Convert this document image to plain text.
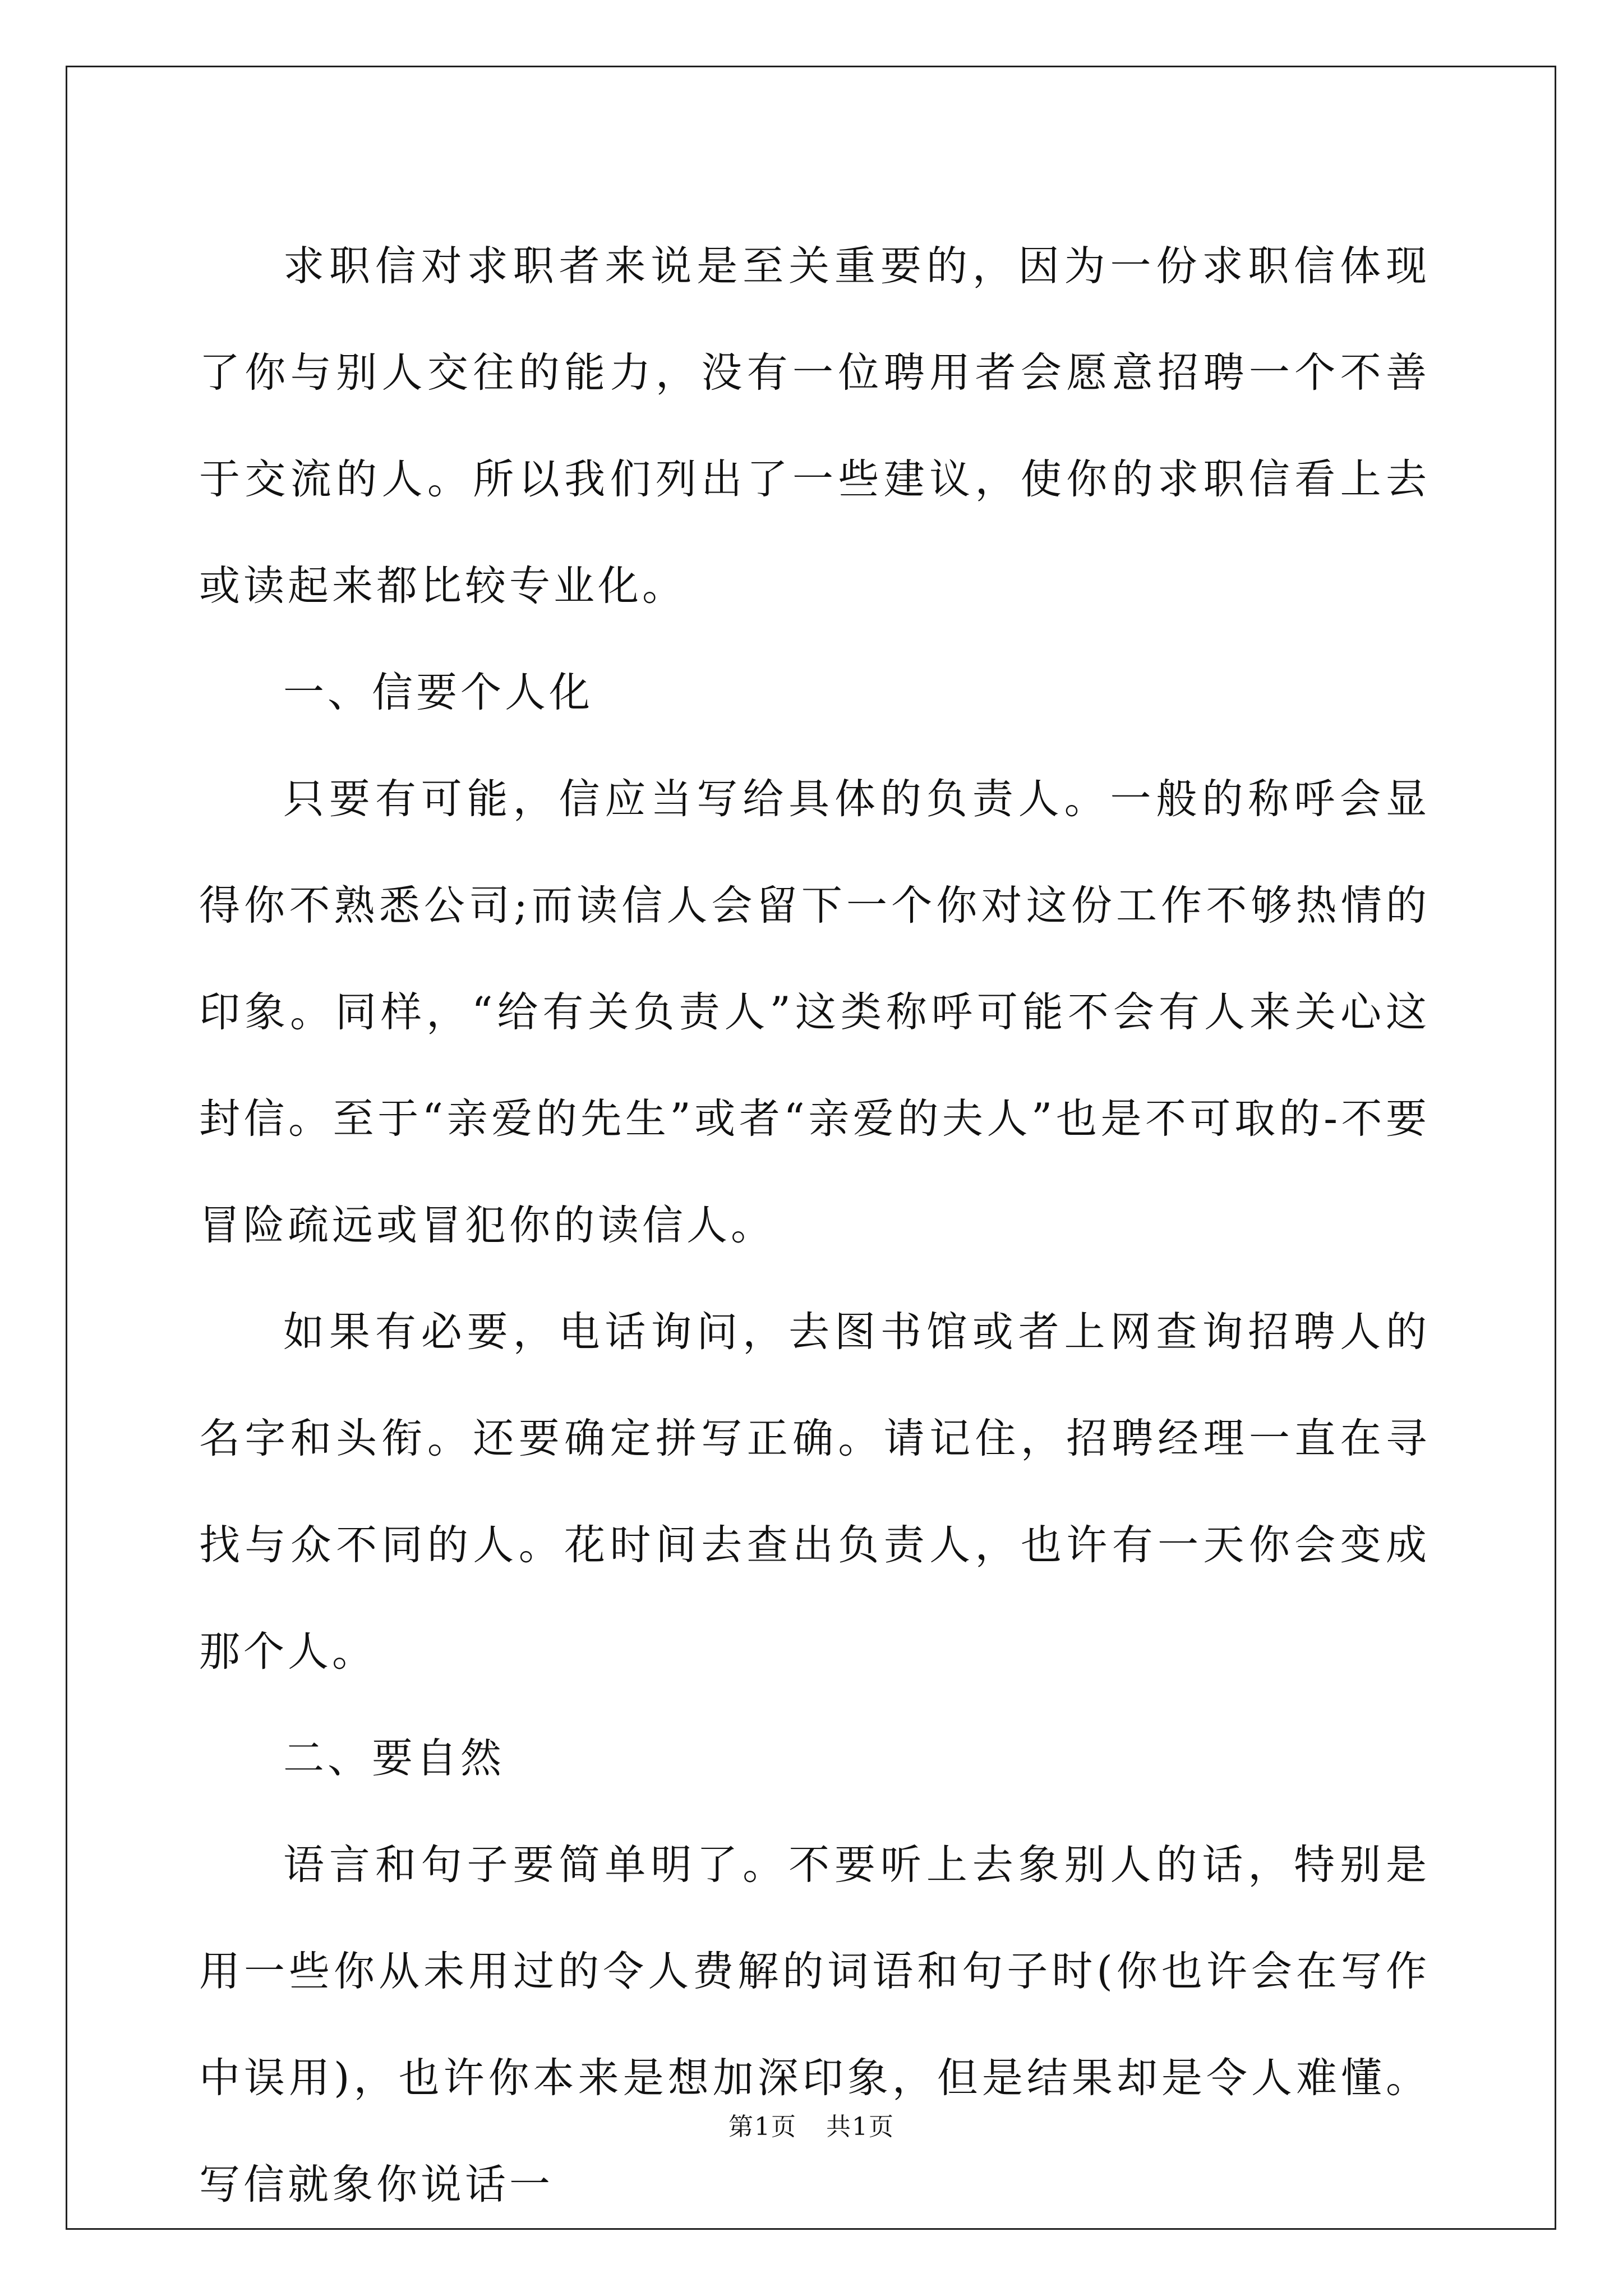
求职信对求职者来说是至关重要的，因为一份求职信体现了你与别人交往的能力，没有一位聘用者会愿意招聘一个不善于交流的人。所以我们列出了一些建议，使你的求职信看上去或读起来都比较专业化。

一、信要个人化

只要有可能，信应当写给具体的负责人。一般的称呼会显得你不熟悉公司;而读信人会留下一个你对这份工作不够热情的印象。同样，“给有关负责人”这类称呼可能不会有人来关心这封信。至于“亲爱的先生”或者“亲爱的夫人”也是不可取的-不要冒险疏远或冒犯你的读信人。

如果有必要，电话询问，去图书馆或者上网查询招聘人的名字和头衔。还要确定拼写正确。请记住，招聘经理一直在寻找与众不同的人。花时间去查出负责人，也许有一天你会变成那个人。

二、要自然

语言和句子要简单明了。不要听上去象别人的话，特别是用一些你从未用过的令人费解的词语和句子时(你也许会在写作中误用)，也许你本来是想加深印象，但是结果却是令人难懂。写信就象你说话一

第1页 共1页
